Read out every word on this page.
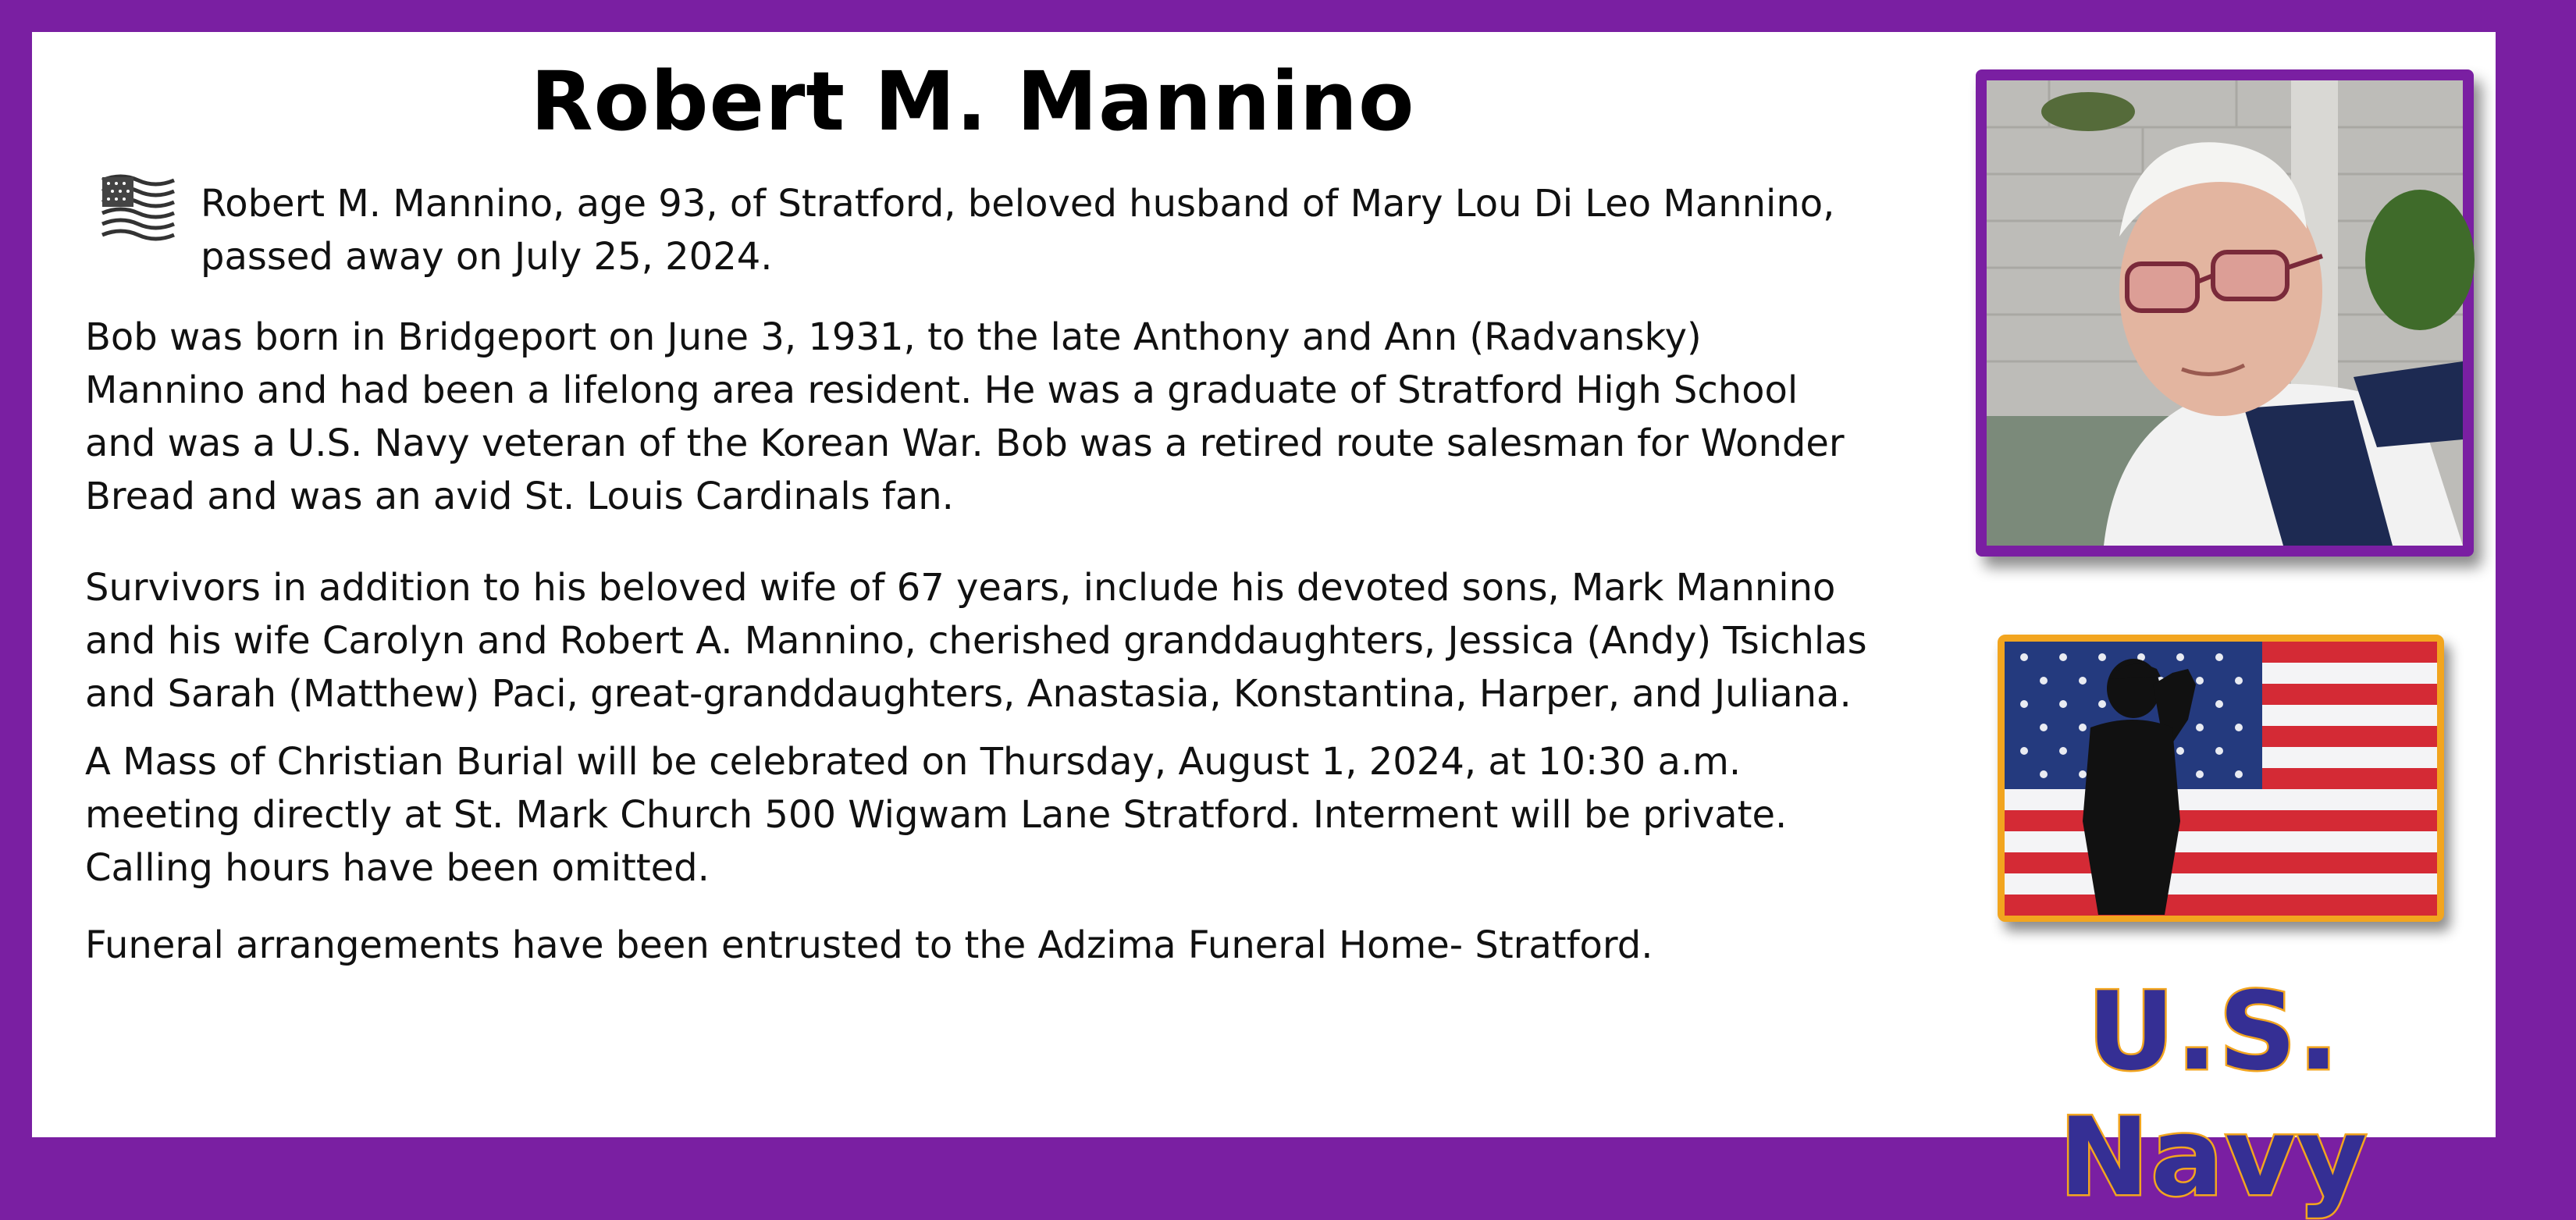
Robert M. Mannino
Robert M. Mannino, age 93, of Stratford, beloved husband of Mary Lou Di Leo Mannino,
passed away on July 25, 2024.
Bob was born in Bridgeport on June 3, 1931, to the late Anthony and Ann (Radvansky)
Mannino and had been a lifelong area resident. He was a graduate of Stratford High School
and was a U.S. Navy veteran of the Korean War. Bob was a retired route salesman for Wonder
Bread and was an avid St. Louis Cardinals fan.
Survivors in addition to his beloved wife of 67 years, include his devoted sons, Mark Mannino
and his wife Carolyn and Robert A. Mannino, cherished granddaughters, Jessica (Andy) Tsichlas
and Sarah (Matthew) Paci, great-granddaughters, Anastasia, Konstantina, Harper, and Juliana.
A Mass of Christian Burial will be celebrated on Thursday, August 1, 2024, at 10:30 a.m.
meeting directly at St. Mark Church 500 Wigwam Lane Stratford. Interment will be private.
Calling hours have been omitted.
Funeral arrangements have been entrusted to the Adzima Funeral Home- Stratford.
U.S. Navy
